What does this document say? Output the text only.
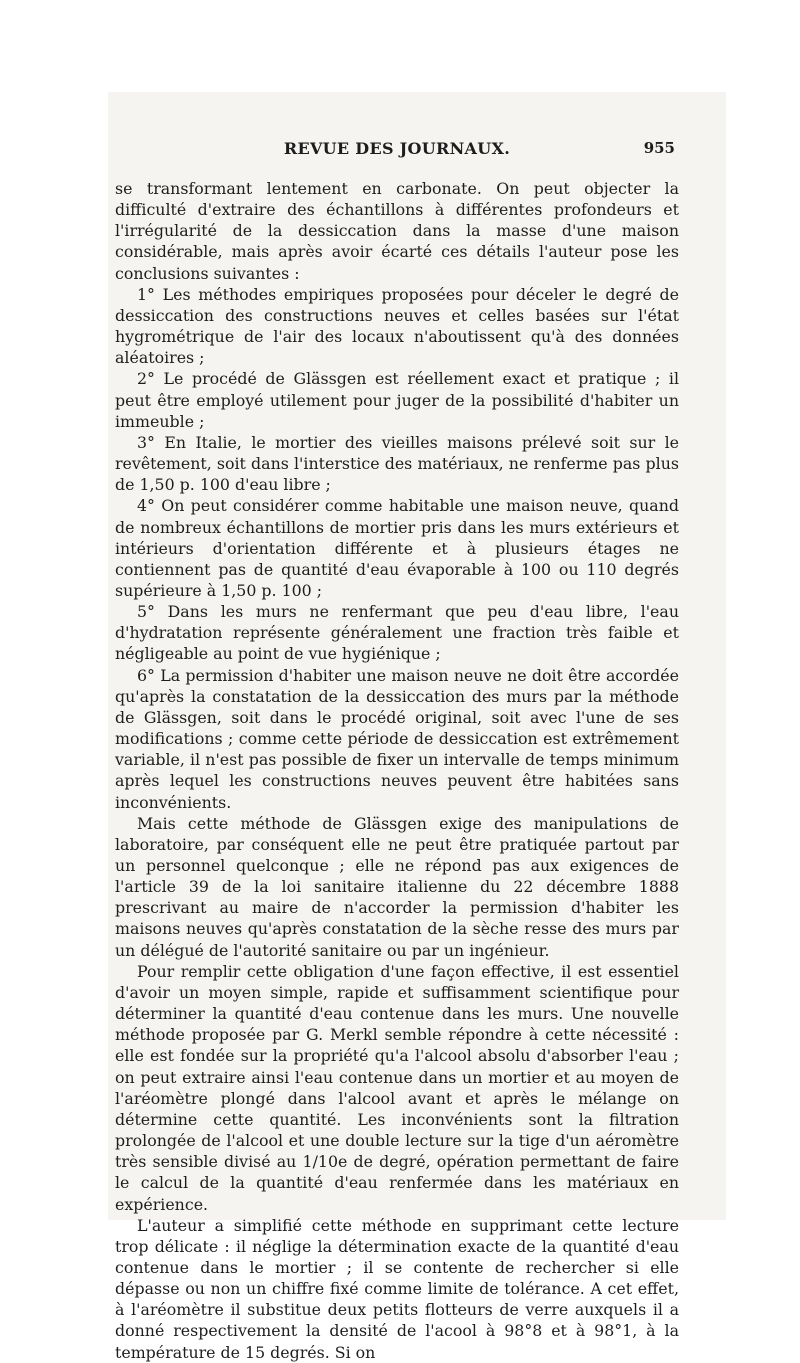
REVUE DES JOURNAUX.	955

se transformant lentement en carbonate. On peut objecter la difficulté d'extraire des échantillons à différentes profondeurs et l'irrégularité de la dessiccation dans la masse d'une maison considérable, mais après avoir écarté ces détails l'auteur pose les conclusions suivantes :

1° Les méthodes empiriques proposées pour déceler le degré de dessiccation des constructions neuves et celles basées sur l'état hygrométrique de l'air des locaux n'aboutissent qu'à des données aléatoires ;

2° Le procédé de Glässgen est réellement exact et pratique ; il peut être employé utilement pour juger de la possibilité d'habiter un immeuble ;

3° En Italie, le mortier des vieilles maisons prélevé soit sur le revêtement, soit dans l'interstice des matériaux, ne renferme pas plus de 1,50 p. 100 d'eau libre ;

4° On peut considérer comme habitable une maison neuve, quand de nombreux échantillons de mortier pris dans les murs extérieurs et intérieurs d'orientation différente et à plusieurs étages ne contiennent pas de quantité d'eau évaporable à 100 ou 110 degrés supérieure à 1,50 p. 100 ;

5° Dans les murs ne renfermant que peu d'eau libre, l'eau d'hydratation représente généralement une fraction très faible et négligeable au point de vue hygiénique ;

6° La permission d'habiter une maison neuve ne doit être accordée qu'après la constatation de la dessiccation des murs par la méthode de Glässgen, soit dans le procédé original, soit avec l'une de ses modifications ; comme cette période de dessiccation est extrêmement variable, il n'est pas possible de fixer un intervalle de temps minimum après lequel les constructions neuves peuvent être habitées sans inconvénients.

Mais cette méthode de Glässgen exige des manipulations de laboratoire, par conséquent elle ne peut être pratiquée partout par un personnel quelconque ; elle ne répond pas aux exigences de l'article 39 de la loi sanitaire italienne du 22 décembre 1888 prescrivant au maire de n'accorder la permission d'habiter les maisons neuves qu'après constatation de la sèche resse des murs par un délégué de l'autorité sanitaire ou par un ingénieur.

Pour remplir cette obligation d'une façon effective, il est essentiel d'avoir un moyen simple, rapide et suffisamment scientifique pour déterminer la quantité d'eau contenue dans les murs. Une nouvelle méthode proposée par G. Merkl semble répondre à cette nécessité : elle est fondée sur la propriété qu'a l'alcool absolu d'absorber l'eau ; on peut extraire ainsi l'eau contenue dans un mortier et au moyen de l'aréomètre plongé dans l'alcool avant et après le mélange on détermine cette quantité. Les inconvénients sont la filtration prolongée de l'alcool et une double lecture sur la tige d'un aéromètre très sensible divisé au 1/10e de degré, opération permettant de faire le calcul de la quantité d'eau renfermée dans les matériaux en expérience.

L'auteur a simplifié cette méthode en supprimant cette lecture trop délicate : il néglige la détermination exacte de la quantité d'eau contenue dans le mortier ; il se contente de rechercher si elle dépasse ou non un chiffre fixé comme limite de tolérance. A cet effet, à l'aréomètre il substitue deux petits flotteurs de verre auxquels il a donné respectivement la densité de l'acool à 98°8 et à 98°1, à la température de 15 degrés. Si on
